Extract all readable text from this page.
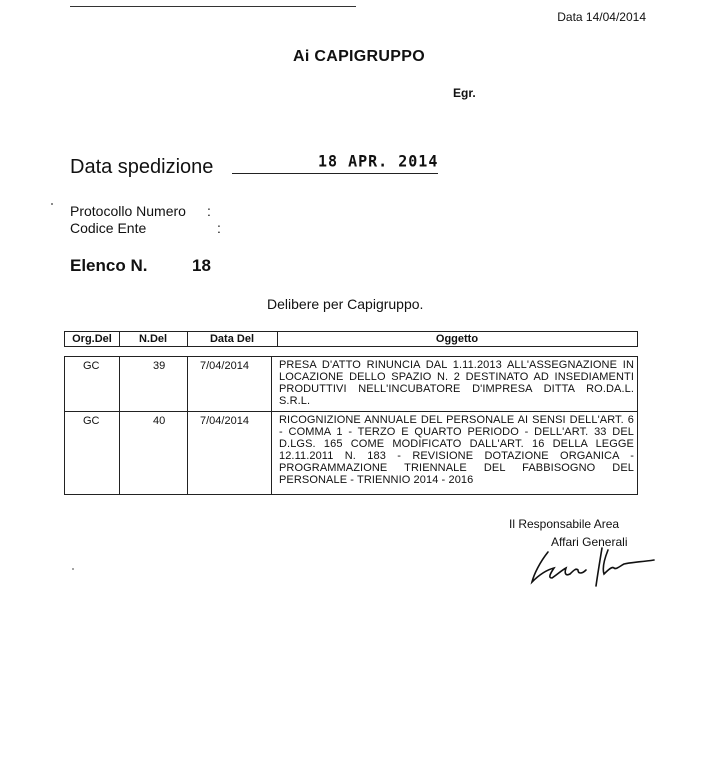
Data 14/04/2014
Ai CAPIGRUPPO
Egr.
Data spedizione	18 APR. 2014
Protocollo Numero :
Codice Ente	:
Elenco N.	18
Delibere per Capigruppo.
Org.Del	N.Del	Data Del	Oggetto
GC	39	7/04/2014	PRESA D'ATTO RINUNCIA DAL 1.11.2013 ALL'ASSEGNAZIONE IN LOCAZIONE DELLO SPAZIO N. 2 DESTINATO AD INSEDIAMENTI PRODUTTIVI NELL'INCUBATORE D'IMPRESA DITTA RO.DA.L. S.R.L.
GC	40	7/04/2014	RICOGNIZIONE ANNUALE DEL PERSONALE AI SENSI DELL'ART. 6 - COMMA 1 - TERZO E QUARTO PERIODO - DELL'ART. 33 DEL D.LGS. 165 COME MODIFICATO DALL'ART. 16 DELLA LEGGE 12.11.2011 N. 183 - REVISIONE DOTAZIONE ORGANICA - PROGRAMMAZIONE TRIENNALE DEL FABBISOGNO DEL PERSONALE - TRIENNIO 2014 - 2016
Il Responsabile Area
Affari Generali
